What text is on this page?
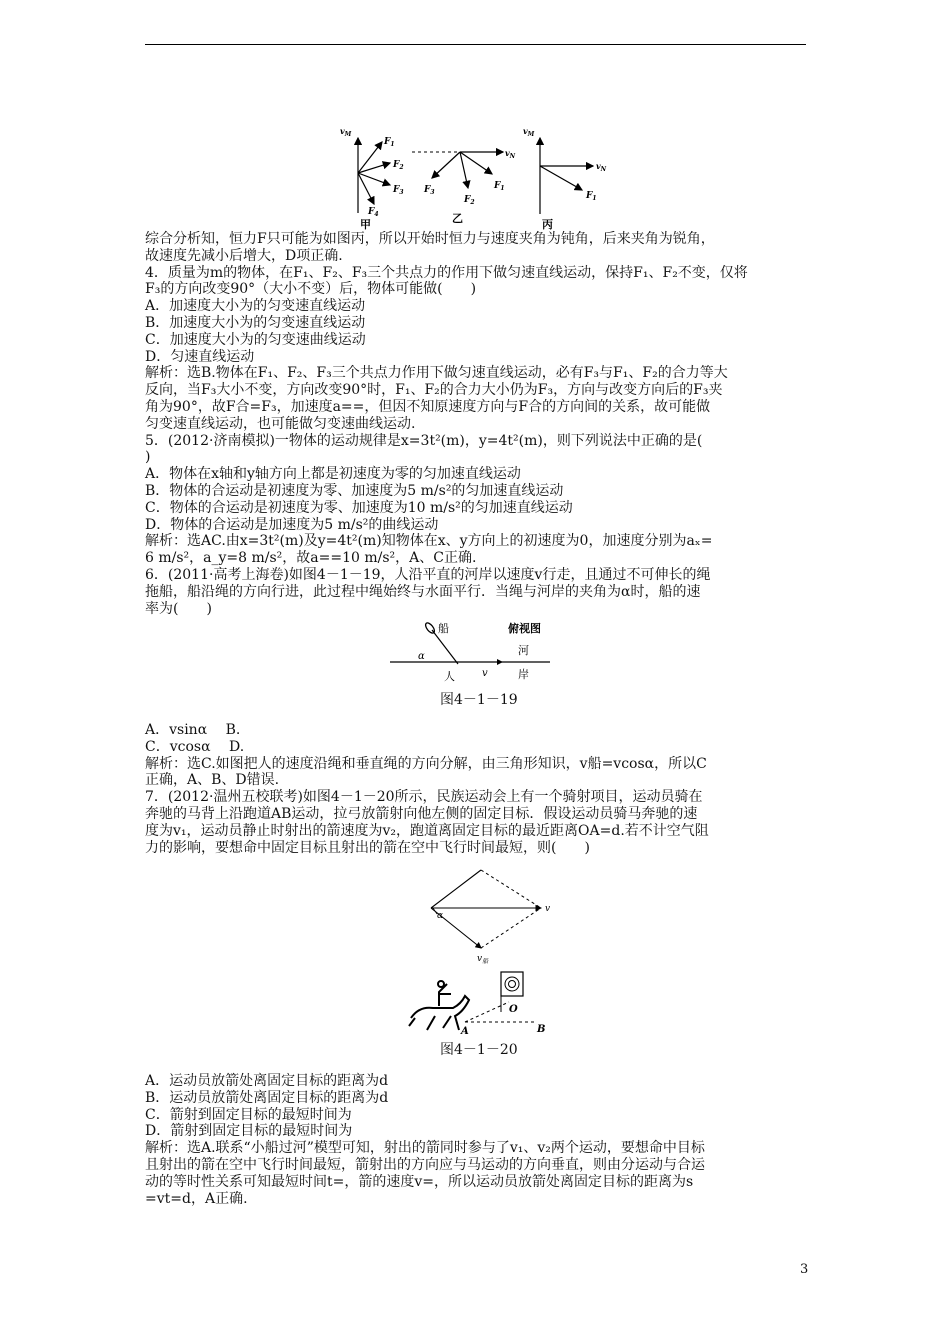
$v_M$
$F_1$
$F_2$
$F_3$
$F_4$
甲
$v_N$
$F_3$
$F_2$
$F_1$
乙
$v_M$
$v_N$
$F_1$
丙
综合分析知，恒力F只可能为如图丙，所以开始时恒力与速度夹角为钝角，后来夹角为锐角，
故速度先减小后增大，D项正确.
4．质量为m的物体，在F₁、F₂、F₃三个共点力的作用下做匀速直线运动，保持F₁、F₂不变，仅将
F₃的方向改变90°（大小不变）后，物体可能做(　　)
A．加速度大小为的匀变速直线运动
B．加速度大小为的匀变速直线运动
C．加速度大小为的匀变速曲线运动
D．匀速直线运动
解析：选B.物体在F₁、F₂、F₃三个共点力作用下做匀速直线运动，必有F₃与F₁、F₂的合力等大
反向，当F₃大小不变，方向改变90°时，F₁、F₂的合力大小仍为F₃，方向与改变方向后的F₃夹
角为90°，故F合=F₃，加速度a==，但因不知原速度方向与F合的方向间的关系，故可能做
匀变速直线运动，也可能做匀变速曲线运动.
5．(2012·济南模拟)一物体的运动规律是x=3t²(m)，y=4t²(m)，则下列说法中正确的是(
)
A．物体在x轴和y轴方向上都是初速度为零的匀加速直线运动
B．物体的合运动是初速度为零、加速度为5 m/s²的匀加速直线运动
C．物体的合运动是初速度为零、加速度为10 m/s²的匀加速直线运动
D．物体的合运动是加速度为5 m/s²的曲线运动
解析：选AC.由x=3t²(m)及y=4t²(m)知物体在x、y方向上的初速度为0，加速度分别为aₓ=
6 m/s²，a_y=8 m/s²，故a==10 m/s²，A、C正确.
6．(2011·高考上海卷)如图4－1－19，人沿平直的河岸以速度v行走，且通过不可伸长的绳
拖船，船沿绳的方向行进，此过程中绳始终与水面平行．当绳与河岸的夹角为α时，船的速
率为(　　)
船	俯视图
河
岸
α
人	v
图4－1－19
A．vsinα　 B.
C．vcosα　 D.
解析：选C.如图把人的速度沿绳和垂直绳的方向分解，由三角形知识，v船=vcosα，所以C
正确，A、B、D错误.
7．(2012·温州五校联考)如图4－1－20所示，民族运动会上有一个骑射项目，运动员骑在
奔驰的马背上沿跑道AB运动，拉弓放箭射向他左侧的固定目标．假设运动员骑马奔驰的速
度为v₁，运动员静止时射出的箭速度为v₂，跑道离固定目标的最近距离OA=d.若不计空气阻
力的影响，要想命中固定目标且射出的箭在空中飞行时间最短，则(　　)
α
v
$v_船$
O
A	B
图4－1－20
A．运动员放箭处离固定目标的距离为d
B．运动员放箭处离固定目标的距离为d
C．箭射到固定目标的最短时间为
D．箭射到固定目标的最短时间为
解析：选A.联系“小船过河”模型可知，射出的箭同时参与了v₁、v₂两个运动，要想命中目标
且射出的箭在空中飞行时间最短，箭射出的方向应与马运动的方向垂直，则由分运动与合运
动的等时性关系可知最短时间t=，箭的速度v=，所以运动员放箭处离固定目标的距离为s
=vt=d，A正确.
3
